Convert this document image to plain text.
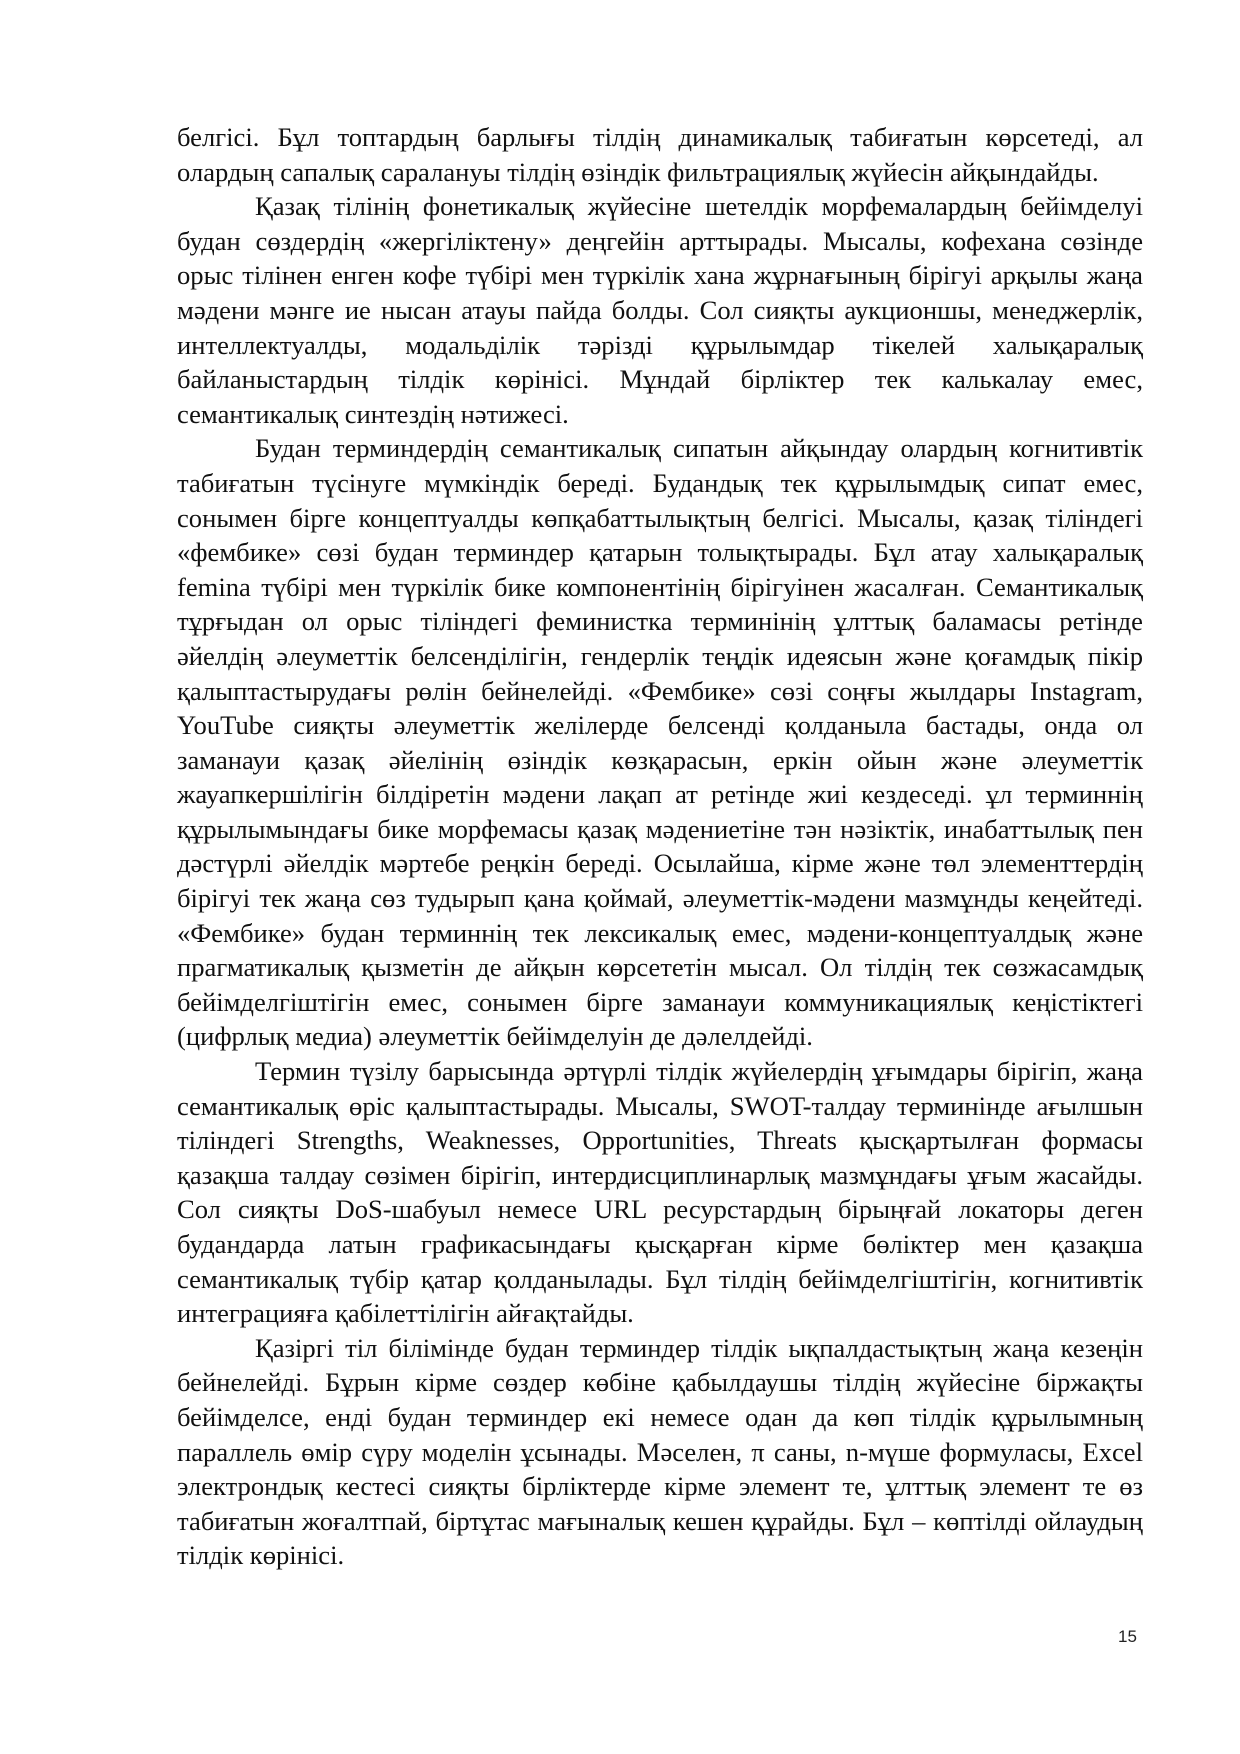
белгісі. Бұл топтардың барлығы тілдің динамикалық табиғатын көрсетеді, ал олардың сапалық саралануы тілдің өзіндік фильтрациялық жүйесін айқындайды.

Қазақ тілінің фонетикалық жүйесіне шетелдік морфемалардың бейімделуі будан сөздердің «жергіліктену» деңгейін арттырады. Мысалы, кофехана сөзінде орыс тілінен енген кофе түбірі мен түркілік хана жұрнағының бірігуі арқылы жаңа мәдени мәнге ие нысан атауы пайда болды. Сол сияқты аукционшы, менеджерлік, интеллектуалды, модальділік тәрізді құрылымдар тікелей халықаралық байланыстардың тілдік көрінісі. Мұндай бірліктер тек калькалау емес, семантикалық синтездің нәтижесі.

Будан терминдердің семантикалық сипатын айқындау олардың когнитивтік табиғатын түсінуге мүмкіндік береді. Будандық тек құрылымдық сипат емес, сонымен бірге концептуалды көпқабаттылықтың белгісі. Мысалы, қазақ тіліндегі «фембике» сөзі будан терминдер қатарын толықтырады. Бұл атау халықаралық femina түбірі мен түркілік бике компонентінің бірігуінен жасалған. Семантикалық тұрғыдан ол орыс тіліндегі феминистка терминінің ұлттық баламасы ретінде әйелдің әлеуметтік белсенділігін, гендерлік теңдік идеясын және қоғамдық пікір қалыптастырудағы рөлін бейнелейді. «Фембике» сөзі соңғы жылдары Instagram, YouTube сияқты әлеуметтік желілерде белсенді қолданыла бастады, онда ол заманауи қазақ әйелінің өзіндік көзқарасын, еркін ойын және әлеуметтік жауапкершілігін білдіретін мәдени лақап ат ретінде жиі кездеседі. ұл терминнің құрылымындағы бике морфемасы қазақ мәдениетіне тән нәзіктік, инабаттылық пен дәстүрлі әйелдік мәртебе реңкін береді. Осылайша, кірме және төл элементтердің бірігуі тек жаңа сөз тудырып қана қоймай, әлеуметтік-мәдени мазмұнды кеңейтеді. «Фембике» будан терминнің тек лексикалық емес, мәдени-концептуалдық және прагматикалық қызметін де айқын көрсететін мысал. Ол тілдің тек сөзжасамдық бейімделгіштігін емес, сонымен бірге заманауи коммуникациялық кеңістіктегі (цифрлық медиа) әлеуметтік бейімделуін де дәлелдейді.

Термин түзілу барысында әртүрлі тілдік жүйелердің ұғымдары бірігіп, жаңа семантикалық өріс қалыптастырады. Мысалы, SWOT-талдау терминінде ағылшын тіліндегі Strengths, Weaknesses, Opportunities, Threats қысқартылған формасы қазақша талдау сөзімен бірігіп, интердисциплинарлық мазмұндағы ұғым жасайды. Сол сияқты DoS-шабуыл немесе URL ресурстардың бірыңғай локаторы деген будандарда латын графикасындағы қысқарған кірме бөліктер мен қазақша семантикалық түбір қатар қолданылады. Бұл тілдің бейімделгіштігін, когнитивтік интеграцияға қабілеттілігін айғақтайды.

Қазіргі тіл білімінде будан терминдер тілдік ықпалдастықтың жаңа кезеңін бейнелейді. Бұрын кірме сөздер көбіне қабылдаушы тілдің жүйесіне біржақты бейімделсе, енді будан терминдер екі немесе одан да көп тілдік құрылымның параллель өмір сүру моделін ұсынады. Мәселен, π саны, n-мүше формуласы, Excel электрондық кестесі сияқты бірліктерде кірме элемент те, ұлттық элемент те өз табиғатын жоғалтпай, біртұтас мағыналық кешен құрайды. Бұл – көптілді ойлаудың тілдік көрінісі.

15
